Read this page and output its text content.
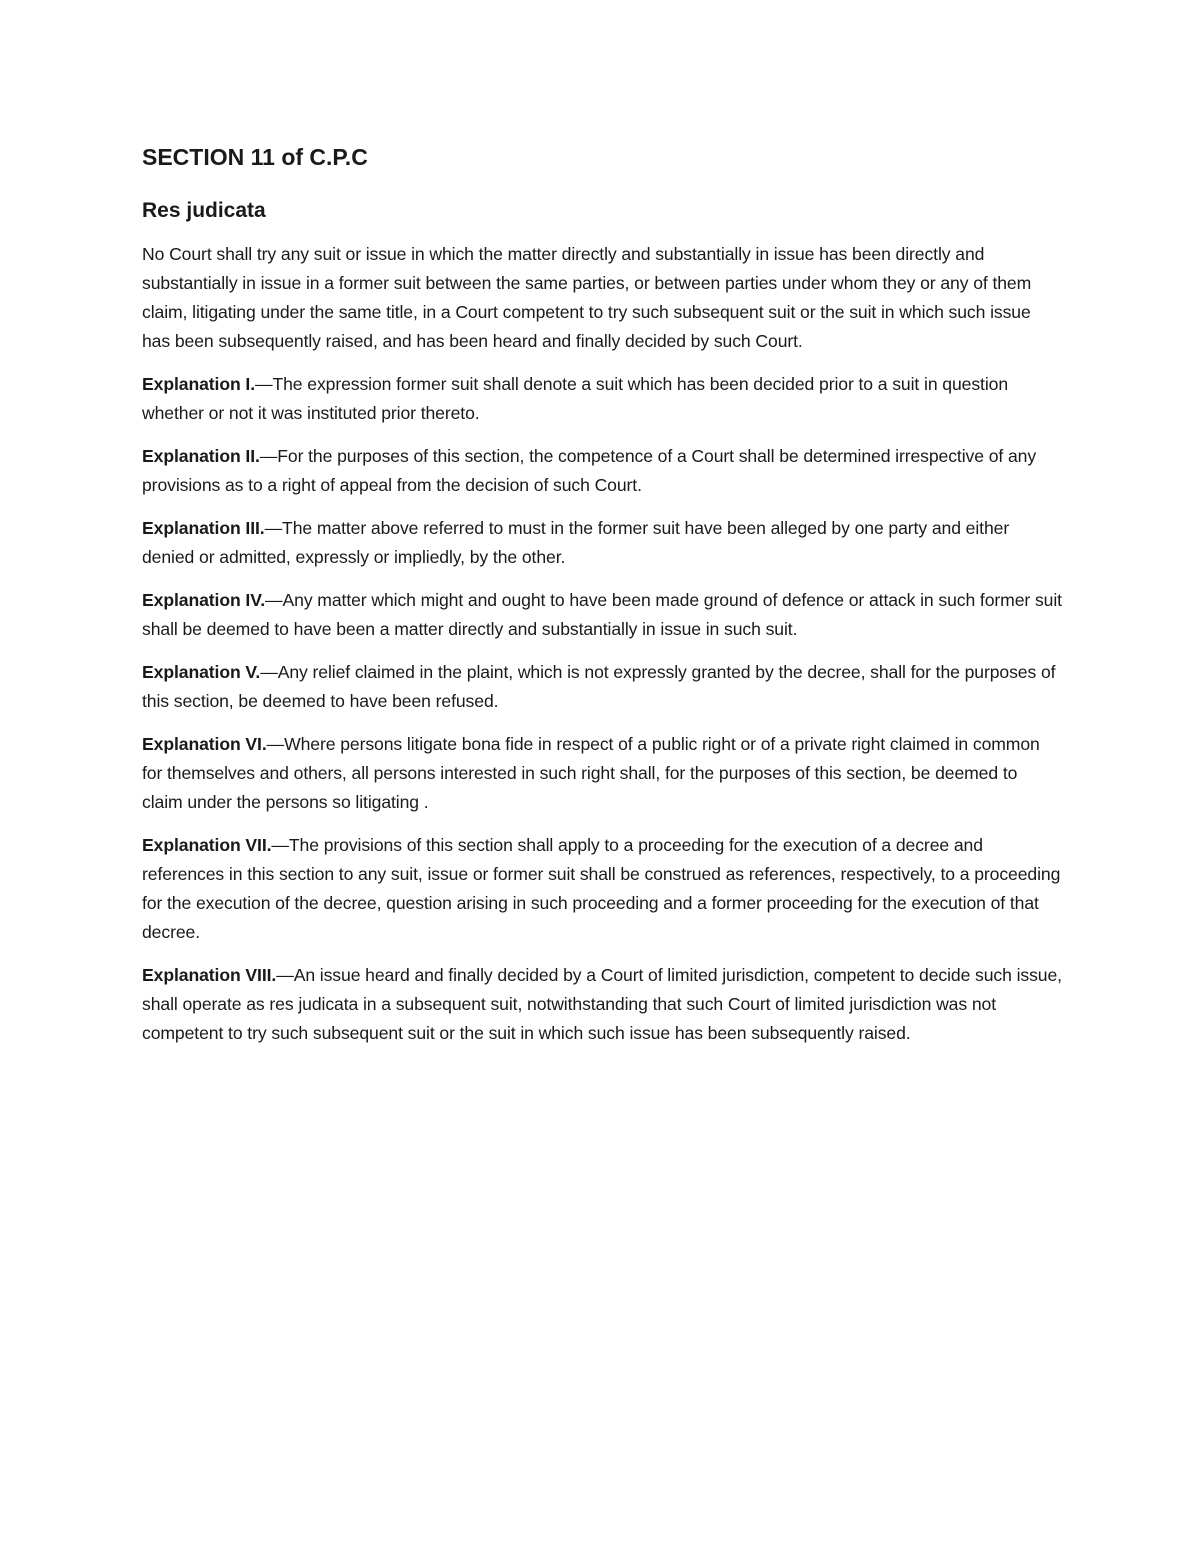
SECTION 11 of C.P.C
Res judicata

No Court shall try any suit or issue in which the matter directly and substantially in issue has been directly and substantially in issue in a former suit between the same parties, or between parties under whom they or any of them claim, litigating under the same title, in a Court competent to try such subsequent suit or the suit in which such issue has been subsequently raised, and has been heard and finally decided by such Court.

Explanation I.—The expression former suit shall denote a suit which has been decided prior to a suit in question whether or not it was instituted prior thereto.

Explanation II.—For the purposes of this section, the competence of a Court shall be determined irrespective of any provisions as to a right of appeal from the decision of such Court.

Explanation III.—The matter above referred to must in the former suit have been alleged by one party and either denied or admitted, expressly or impliedly, by the other.

Explanation IV.—Any matter which might and ought to have been made ground of defence or attack in such former suit shall be deemed to have been a matter directly and substantially in issue in such suit.

Explanation V.—Any relief claimed in the plaint, which is not expressly granted by the decree, shall for the purposes of this section, be deemed to have been refused.

Explanation VI.—Where persons litigate bona fide in respect of a public right or of a private right claimed in common for themselves and others, all persons interested in such right shall, for the purposes of this section, be deemed to claim under the persons so litigating .

Explanation VII.—The provisions of this section shall apply to a proceeding for the execution of a decree and references in this section to any suit, issue or former suit shall be construed as references, respectively, to a proceeding for the execution of the decree, question arising in such proceeding and a former proceeding for the execution of that decree.

Explanation VIII.—An issue heard and finally decided by a Court of limited jurisdiction, competent to decide such issue, shall operate as res judicata in a subsequent suit, notwithstanding that such Court of limited jurisdiction was not competent to try such subsequent suit or the suit in which such issue has been subsequently raised.
